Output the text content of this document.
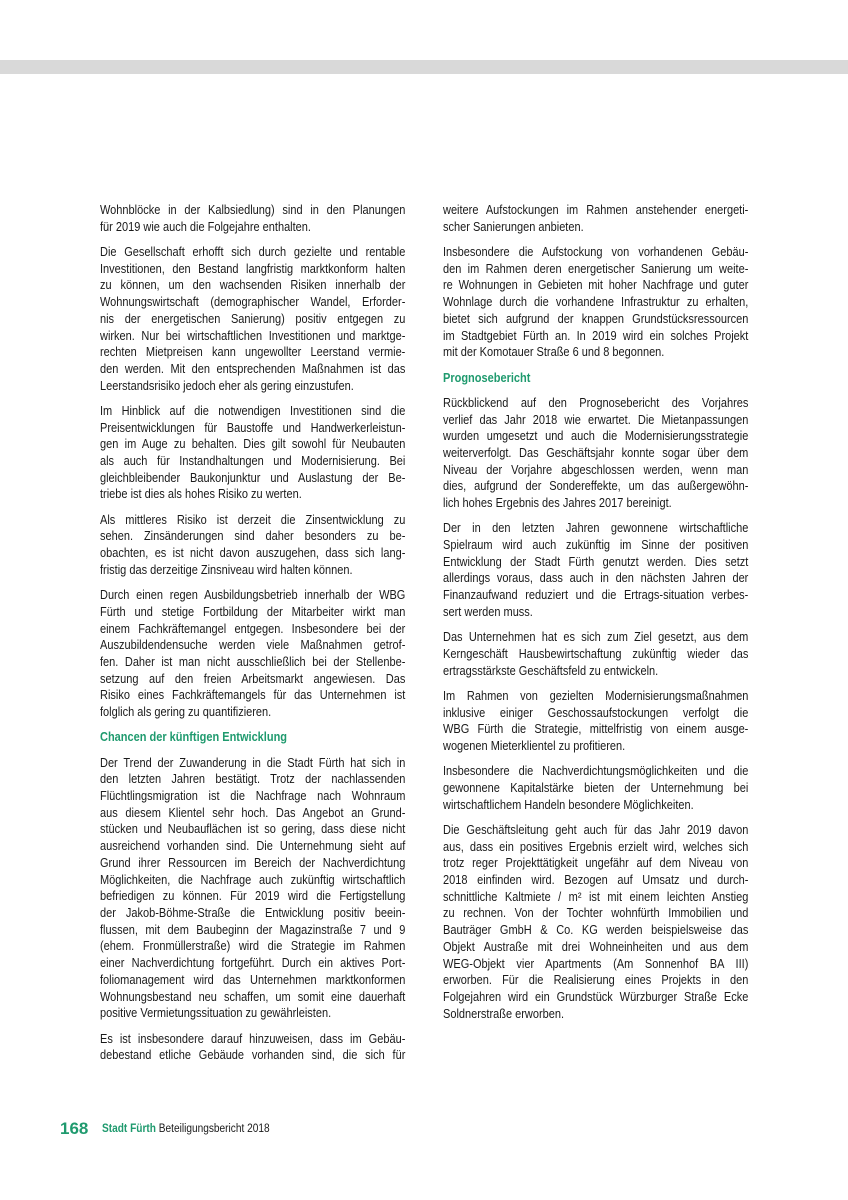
Wohnblöcke in der Kalbsiedlung) sind in den Planungen
für 2019 wie auch die Folgejahre enthalten.
Die Gesellschaft erhofft sich durch gezielte und rentable
Investitionen, den Bestand langfristig marktkonform halten
zu können, um den wachsenden Risiken innerhalb der
Wohnungswirtschaft (demographischer Wandel, Erforder-
nis der energetischen Sanierung) positiv entgegen zu
wirken. Nur bei wirtschaftlichen Investitionen und marktge-
rechten Mietpreisen kann ungewollter Leerstand vermie-
den werden. Mit den entsprechenden Maßnahmen ist das
Leerstandsrisiko jedoch eher als gering einzustufen.
Im Hinblick auf die notwendigen Investitionen sind die
Preisentwicklungen für Baustoffe und Handwerkerleistun-
gen im Auge zu behalten. Dies gilt sowohl für Neubauten
als auch für Instandhaltungen und Modernisierung. Bei
gleichbleibender Baukonjunktur und Auslastung der Be-
triebe ist dies als hohes Risiko zu werten.
Als mittleres Risiko ist derzeit die Zinsentwicklung zu
sehen. Zinsänderungen sind daher besonders zu be-
obachten, es ist nicht davon auszugehen, dass sich lang-
fristig das derzeitige Zinsniveau wird halten können.
Durch einen regen Ausbildungsbetrieb innerhalb der WBG
Fürth und stetige Fortbildung der Mitarbeiter wirkt man
einem Fachkräftemangel entgegen. Insbesondere bei der
Auszubildendensuche werden viele Maßnahmen getrof-
fen. Daher ist man nicht ausschließlich bei der Stellenbe-
setzung auf den freien Arbeitsmarkt angewiesen. Das
Risiko eines Fachkräftemangels für das Unternehmen ist
folglich als gering zu quantifizieren.
Chancen der künftigen Entwicklung
Der Trend der Zuwanderung in die Stadt Fürth hat sich in
den letzten Jahren bestätigt. Trotz der nachlassenden
Flüchtlingsmigration ist die Nachfrage nach Wohnraum
aus diesem Klientel sehr hoch. Das Angebot an Grund-
stücken und Neubauflächen ist so gering, dass diese nicht
ausreichend vorhanden sind. Die Unternehmung sieht auf
Grund ihrer Ressourcen im Bereich der Nachverdichtung
Möglichkeiten, die Nachfrage auch zukünftig wirtschaftlich
befriedigen zu können. Für 2019 wird die Fertigstellung
der Jakob-Böhme-Straße die Entwicklung positiv beein-
flussen, mit dem Baubeginn der Magazinstraße 7 und 9
(ehem. Fronmüllerstraße) wird die Strategie im Rahmen
einer Nachverdichtung fortgeführt. Durch ein aktives Port-
foliomanagement wird das Unternehmen marktkonformen
Wohnungsbestand neu schaffen, um somit eine dauerhaft
positive Vermietungssituation zu gewährleisten.
Es ist insbesondere darauf hinzuweisen, dass im Gebäu-
debestand etliche Gebäude vorhanden sind, die sich für
weitere Aufstockungen im Rahmen anstehender energeti-
scher Sanierungen anbieten.
Insbesondere die Aufstockung von vorhandenen Gebäu-
den im Rahmen deren energetischer Sanierung um weite-
re Wohnungen in Gebieten mit hoher Nachfrage und guter
Wohnlage durch die vorhandene Infrastruktur zu erhalten,
bietet sich aufgrund der knappen Grundstücksressourcen
im Stadtgebiet Fürth an. In 2019 wird ein solches Projekt
mit der Komotauer Straße 6 und 8 begonnen.
Prognosebericht
Rückblickend auf den Prognosebericht des Vorjahres
verlief das Jahr 2018 wie erwartet. Die Mietanpassungen
wurden umgesetzt und auch die Modernisierungsstrategie
weiterverfolgt. Das Geschäftsjahr konnte sogar über dem
Niveau der Vorjahre abgeschlossen werden, wenn man
dies, aufgrund der Sondereffekte, um das außergewöhn-
lich hohes Ergebnis des Jahres 2017 bereinigt.
Der in den letzten Jahren gewonnene wirtschaftliche
Spielraum wird auch zukünftig im Sinne der positiven
Entwicklung der Stadt Fürth genutzt werden. Dies setzt
allerdings voraus, dass auch in den nächsten Jahren der
Finanzaufwand reduziert und die Ertrags-situation verbes-
sert werden muss.
Das Unternehmen hat es sich zum Ziel gesetzt, aus dem
Kerngeschäft Hausbewirtschaftung zukünftig wieder das
ertragsstärkste Geschäftsfeld zu entwickeln.
Im Rahmen von gezielten Modernisierungsmaßnahmen
inklusive einiger Geschossaufstockungen verfolgt die
WBG Fürth die Strategie, mittelfristig von einem ausge-
wogenen Mieterklientel zu profitieren.
Insbesondere die Nachverdichtungsmöglichkeiten und die
gewonnene Kapitalstärke bieten der Unternehmung bei
wirtschaftlichem Handeln besondere Möglichkeiten.
Die Geschäftsleitung geht auch für das Jahr 2019 davon
aus, dass ein positives Ergebnis erzielt wird, welches sich
trotz reger Projekttätigkeit ungefähr auf dem Niveau von
2018 einfinden wird. Bezogen auf Umsatz und durch-
schnittliche Kaltmiete / m² ist mit einem leichten Anstieg
zu rechnen. Von der Tochter wohnfürth Immobilien und
Bauträger GmbH & Co. KG werden beispielsweise das
Objekt Austraße mit drei Wohneinheiten und aus dem
WEG-Objekt vier Apartments (Am Sonnenhof BA III)
erworben. Für die Realisierung eines Projekts in den
Folgejahren wird ein Grundstück Würzburger Straße Ecke
Soldnerstraße erworben.
168 Stadt Fürth Beteiligungsbericht 2018
